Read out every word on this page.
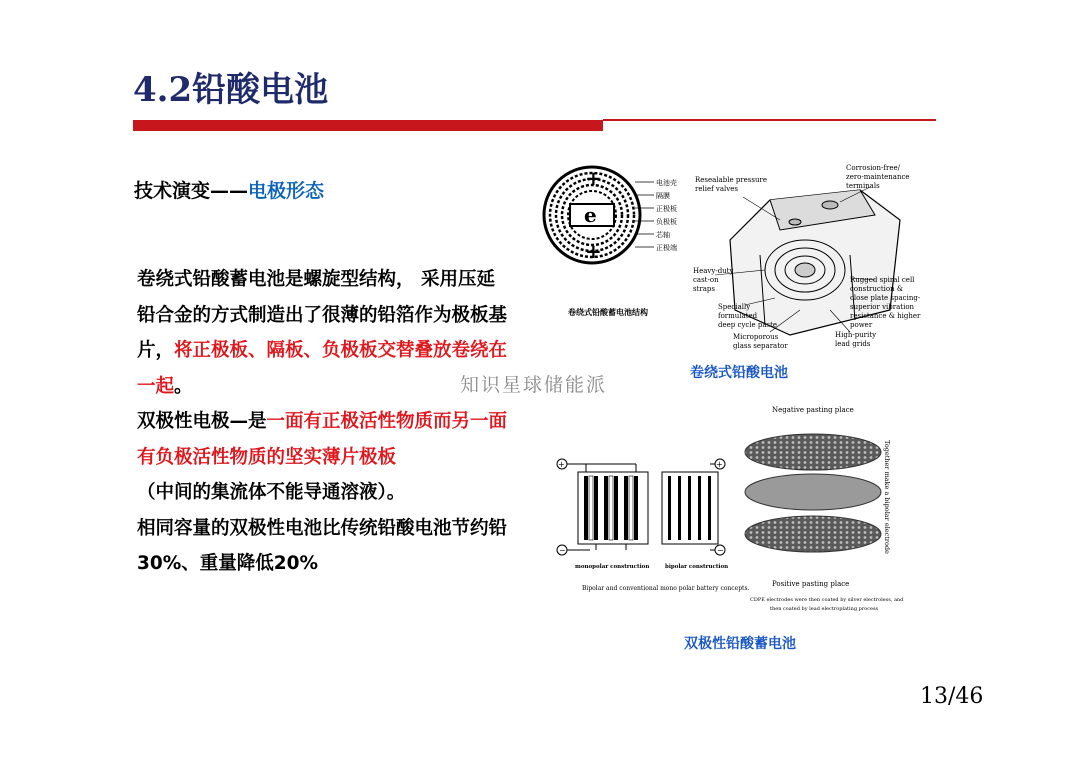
4.2铅酸电池
技术演变——电极形态
卷绕式铅酸蓄电池是螺旋型结构， 采用压延铅合金的方式制造出了很薄的铅箔作为极板基片，将正极板、隔板、负极板交替叠放卷绕在一起。
双极性电极—是一面有正极活性物质而另一面有负极活性物质的坚实薄片极板
（中间的集流体不能导通溶液）。
相同容量的双极性电池比传统铅酸电池节约铅30%、重量降低20%
知识星球储能派
e
+
+
电池壳
隔膜
正极板
负极板
芯轴
正极端
卷绕式铅酸蓄电池结构
Resealable pressure relief valves
Corrosion-free/ zero-maintenance terminals
Heavy-duty cast-on straps
Rugged spiral cell construction & close plate spacing- superior vibration resistance & higher power
Specially formulated deep cycle paste
Microporous glass separator
High-purity lead grids
卷绕式铅酸电池
+
−
+
−
monopolar construction	bipolar construction
Bipolar and conventional mono polar battery concepts.
Negative pasting place
Positive pasting place
Together make a bipolar electrode
CDPE electrodes were then coated by silver electroless, and
then coated by lead electroplating process
双极性铅酸蓄电池
13/46
